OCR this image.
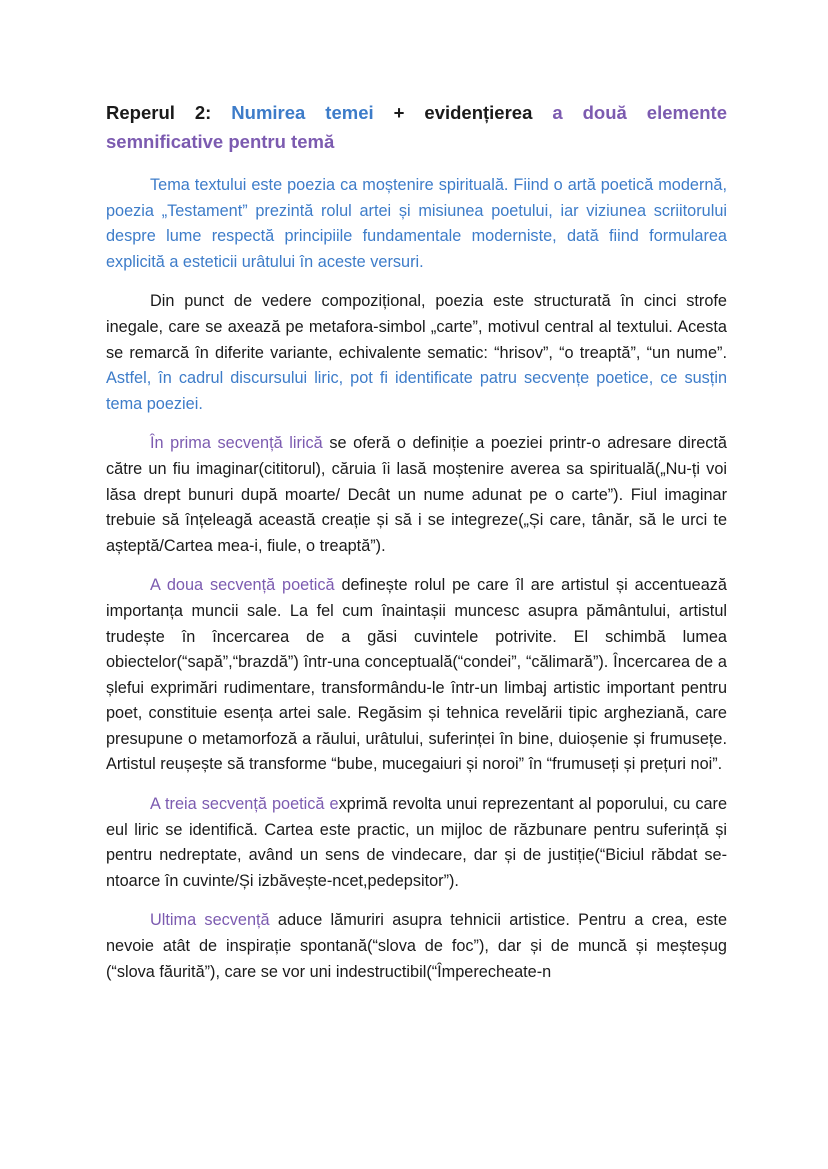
Reperul 2: Numirea temei + evidențierea a două elemente semnificative pentru temă

Tema textului este poezia ca moștenire spirituală. Fiind o artă poetică modernă, poezia „Testament” prezintă rolul artei și misiunea poetului, iar viziunea scriitorului despre lume respectă principiile fundamentale moderniste, dată fiind formularea explicită a esteticii urâtului în aceste versuri.

Din punct de vedere compozițional, poezia este structurată în cinci strofe inegale, care se axează pe metafora-simbol „carte”, motivul central al textului. Acesta se remarcă în diferite variante, echivalente sematic: “hrisov”, “o treaptă”, “un nume”. Astfel, în cadrul discursului liric, pot fi identificate patru secvențe poetice, ce susțin tema poeziei.

În prima secvență lirică se oferă o definiție a poeziei printr-o adresare directă către un fiu imaginar(cititorul), căruia îi lasă moștenire averea sa spirituală(„Nu-ți voi lăsa drept bunuri după moarte/ Decât un nume adunat pe o carte”). Fiul imaginar trebuie să înțeleagă această creație și să i se integreze(„Și care, tânăr, să le urci te așteptă/Cartea mea-i, fiule, o treaptă”).

A doua secvență poetică definește rolul pe care îl are artistul și accentuează importanța muncii sale. La fel cum înaintașii muncesc asupra pământului, artistul trudește în încercarea de a găsi cuvintele potrivite. El schimbă lumea obiectelor(“sapă”,“brazdă”) într-una conceptuală(“condei”, “călimară”). Încercarea de a șlefui exprimări rudimentare, transformându-le într-un limbaj artistic important pentru poet, constituie esența artei sale. Regăsim și tehnica revelării tipic argheziană, care presupune o metamorfoză a răului, urâtului, suferinței în bine, duioșenie și frumusețe. Artistul reușește să transforme “bube, mucegaiuri și noroi” în “frumuseți și prețuri noi”.

A treia secvență poetică exprimă revolta unui reprezentant al poporului, cu care eul liric se identifică. Cartea este practic, un mijloc de răzbunare pentru suferință și pentru nedreptate, având un sens de vindecare, dar și de justiție(“Biciul răbdat se-ntoarce în cuvinte/Și izbăvește-ncet,pedepsitor”).

Ultima secvență aduce lămuriri asupra tehnicii artistice. Pentru a crea, este nevoie atât de inspirație spontană(“slova de foc”), dar și de muncă și meșteșug (“slova făurită”), care se vor uni indestructibil(“Împerecheate-n
